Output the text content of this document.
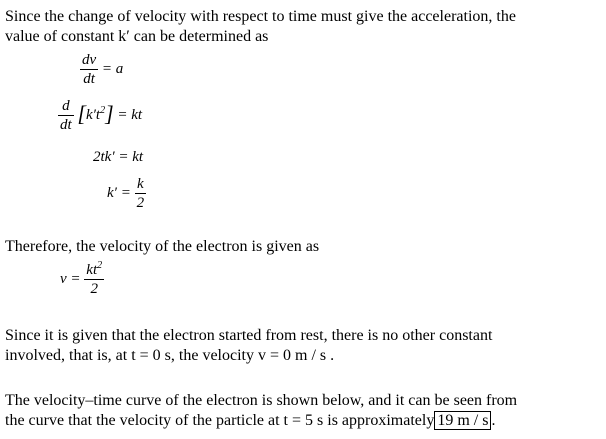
Since the change of velocity with respect to time must give the acceleration, the
value of constant k′ can be determined as
$\frac{dv}{dt} = a$
$\frac{d}{dt} [k't^2]$ = kt
2tk′ = kt
$k' = \frac{k}{2}$
Therefore, the velocity of the electron is given as
$v = \frac{kt^2}{2}$
Since it is given that the electron started from rest, there is no other constant
involved, that is, at t = 0 s, the velocity v = 0 m / s .
The velocity–time curve of the electron is shown below, and it can be seen from
the curve that the velocity of the particle at t = 5 s is approximately 19 m / s .
